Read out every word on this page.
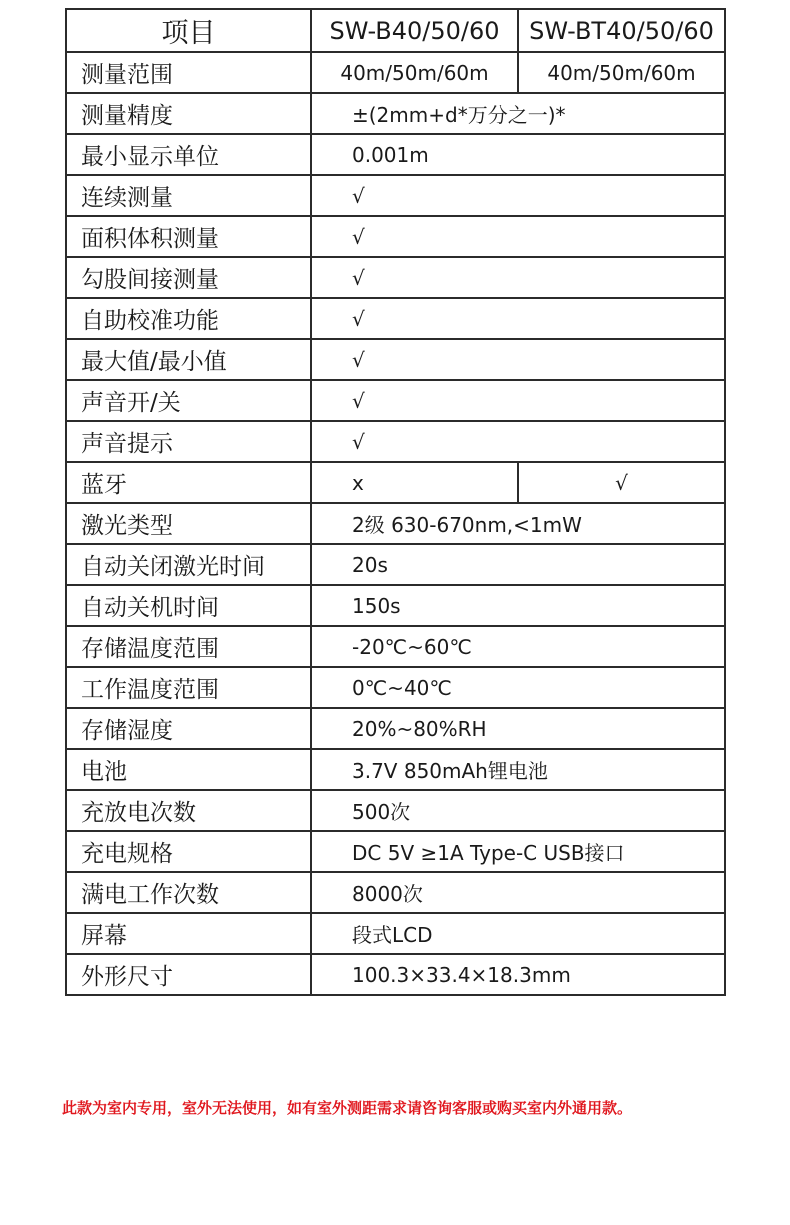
项目	SW-B40/50/60	SW-BT40/50/60
测量范围	40m/50m/60m	40m/50m/60m
测量精度	±(2mm+d*万分之一)*	
最小显示单位	0.001m	
连续测量	√	
面积体积测量	√	
勾股间接测量	√	
自助校准功能	√	
最大值/最小值	√	
声音开/关	√	
声音提示	√	
蓝牙	x	√
激光类型	2级 630-670nm,<1mW	
自动关闭激光时间	20s	
自动关机时间	150s	
存储温度范围	-20℃~60℃	
工作温度范围	0℃~40℃	
存储湿度	20%~80%RH	
电池	3.7V 850mAh锂电池	
充放电次数	500次	
充电规格	DC 5V ≥1A Type-C USB接口	
满电工作次数	8000次	
屏幕	段式LCD	
外形尺寸	100.3×33.4×18.3mm	
此款为室内专用，室外无法使用，如有室外测距需求请咨询客服或购买室内外通用款。
